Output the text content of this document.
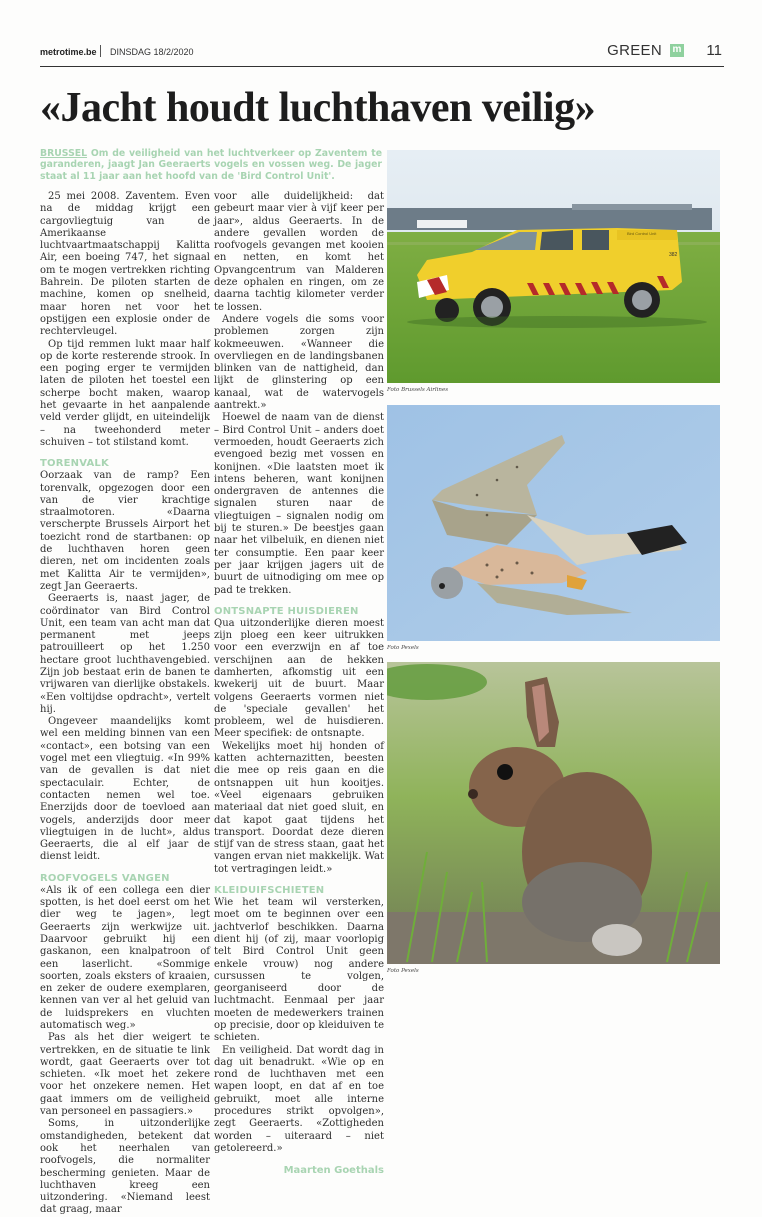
metrotime.be DINSDAG 18/2/2020	GREEN m 11
«Jacht houdt luchthaven veilig»
BRUSSEL Om de veiligheid van het luchtverkeer op Zaventem te garanderen, jaagt Jan Geeraerts vogels en vossen weg. De jager staat al 11 jaar aan het hoofd van de 'Bird Control Unit'.

25 mei 2008. Zaventem. Even na de middag krijgt een cargovliegtuig van de Amerikaanse luchtvaartmaatschappij Kalitta Air, een boeing 747, het signaal om te mogen vertrekken richting Bahrein. De piloten starten de machine, komen op snelheid, maar horen net voor het opstijgen een explosie onder de rechtervleugel.

Op tijd remmen lukt maar half op de korte resterende strook. In een poging erger te vermijden laten de piloten het toestel een scherpe bocht maken, waarop het gevaarte in het aanpalende veld verder glijdt, en uiteindelijk – na tweehonderd meter schuiven – tot stilstand komt.

TORENVALK

Oorzaak van de ramp? Een torenvalk, opgezogen door een van de vier krachtige straalmotoren. «Daarna verscherpte Brussels Airport het toezicht rond de startbanen: op de luchthaven horen geen dieren, net om incidenten zoals met Kalitta Air te vermijden», zegt Jan Geeraerts.

Geeraerts is, naast jager, de coördinator van Bird Control Unit, een team van acht man dat permanent met jeeps patrouilleert op het 1.250 hectare groot luchthavengebied. Zijn job bestaat erin de banen te vrijwaren van dierlijke obstakels. «Een voltijdse opdracht», vertelt hij.

Ongeveer maandelijks komt wel een melding binnen van een «contact», een botsing van een vogel met een vliegtuig. «In 99% van de gevallen is dat niet spectaculair. Echter, de contacten nemen wel toe. Enerzijds door de toevloed aan vogels, anderzijds door meer vliegtuigen in de lucht», aldus Geeraerts, die al elf jaar de dienst leidt.

ROOFVOGELS VANGEN

«Als ik of een collega een dier spotten, is het doel eerst om het dier weg te jagen», legt Geeraerts zijn werkwijze uit. Daarvoor gebruikt hij een gaskanon, een knalpatroon of een laserlicht. «Sommige soorten, zoals eksters of kraaien, en zeker de oudere exemplaren, kennen van ver al het geluid van de luidsprekers en vluchten automatisch weg.»

Pas als het dier weigert te vertrekken, en de situatie te link wordt, gaat Geeraerts over tot schieten. «Ik moet het zekere voor het onzekere nemen. Het gaat immers om de veiligheid van personeel en passagiers.»

Soms, in uitzonderlijke omstandigheden, betekent dat ook het neerhalen van roofvogels, die normaliter bescherming genieten. Maar de luchthaven kreeg een uitzondering. «Niemand leest dat graag, maar

voor alle duidelijkheid: dat gebeurt maar vier à vijf keer per jaar», aldus Geeraerts. In de andere gevallen worden de roofvogels gevangen met kooien en netten, en komt het Opvangcentrum van Malderen deze ophalen en ringen, om ze daarna tachtig kilometer verder te lossen.

Andere vogels die soms voor problemen zorgen zijn kokmeeuwen. «Wanneer die overvliegen en de landingsbanen blinken van de nattigheid, dan lijkt de glinstering op een kanaal, wat de watervogels aantrekt.»

Hoewel de naam van de dienst – Bird Control Unit – anders doet vermoeden, houdt Geeraerts zich evengoed bezig met vossen en konijnen. «Die laatsten moet ik intens beheren, want konijnen ondergraven de antennes die signalen sturen naar de vliegtuigen – signalen nodig om bij te sturen.» De beestjes gaan naar het vilbeluik, en dienen niet ter consumptie. Een paar keer per jaar krijgen jagers uit de buurt de uitnodiging om mee op pad te trekken.

ONTSNAPTE HUISDIEREN

Qua uitzonderlijke dieren moest zijn ploeg een keer uitrukken voor een everzwijn en af toe verschijnen aan de hekken damherten, afkomstig uit een kwekerij uit de buurt. Maar volgens Geeraerts vormen niet de 'speciale gevallen' het probleem, wel de huisdieren. Meer specifiek: de ontsnapte.

Wekelijks moet hij honden of katten achternazitten, beesten die mee op reis gaan en die ontsnappen uit hun kooitjes. «Veel eigenaars gebruiken materiaal dat niet goed sluit, en dat kapot gaat tijdens het transport. Doordat deze dieren stijf van de stress staan, gaat het vangen ervan niet makkelijk. Wat tot vertragingen leidt.»

KLEIDUIFSCHIETEN

Wie het team wil versterken, moet om te beginnen over een jachtverlof beschikken. Daarna dient hij (of zij, maar voorlopig telt Bird Control Unit geen enkele vrouw) nog andere cursussen te volgen, georganiseerd door de luchtmacht. Eenmaal per jaar moeten de medewerkers trainen op precisie, door op kleiduiven te schieten.

En veiligheid. Dat wordt dag in dag uit benadrukt. «Wie op en rond de luchthaven met een wapen loopt, en dat af en toe gebruikt, moet alle interne procedures strikt opvolgen», zegt Geeraerts. «Zottigheden worden – uiteraard – niet getolereerd.»

Maarten Goethals
Bird Control Unit
382
Foto Brussels Airlines
Foto Pexels
Foto Pexels
